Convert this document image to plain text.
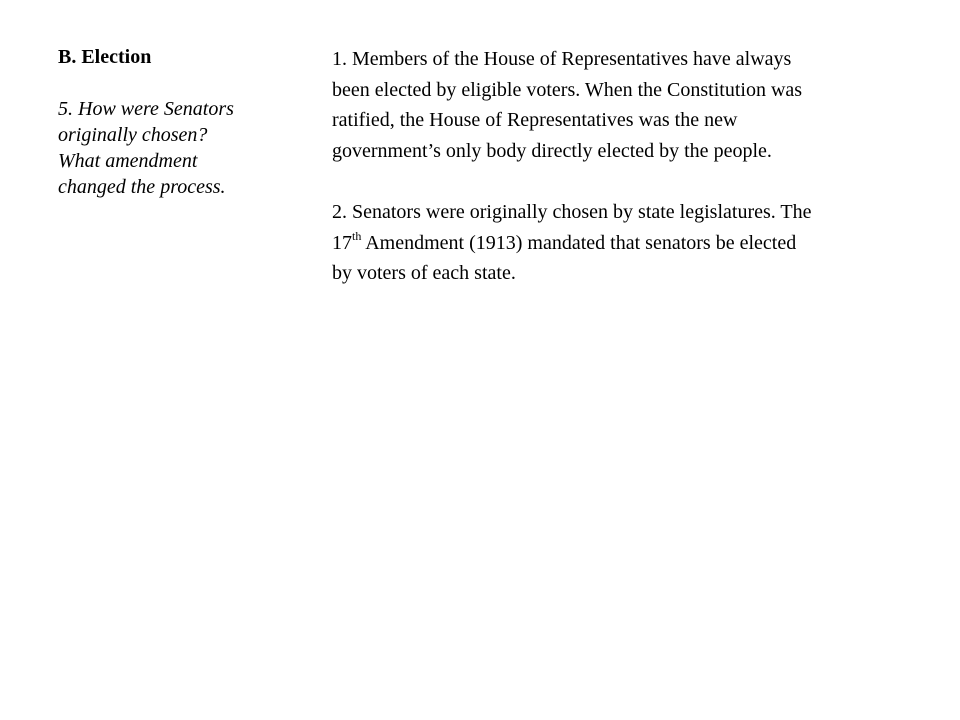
B. Election
5. How were Senators
originally chosen?
What amendment
changed the process.

1. Members of the House of Representatives have always

been elected by eligible voters. When the Constitution was

ratified, the House of Representatives was the new

government’s only body directly elected by the people.

2. Senators were originally chosen by state legislatures. The

17th Amendment (1913) mandated that senators be elected

by voters of each state.
